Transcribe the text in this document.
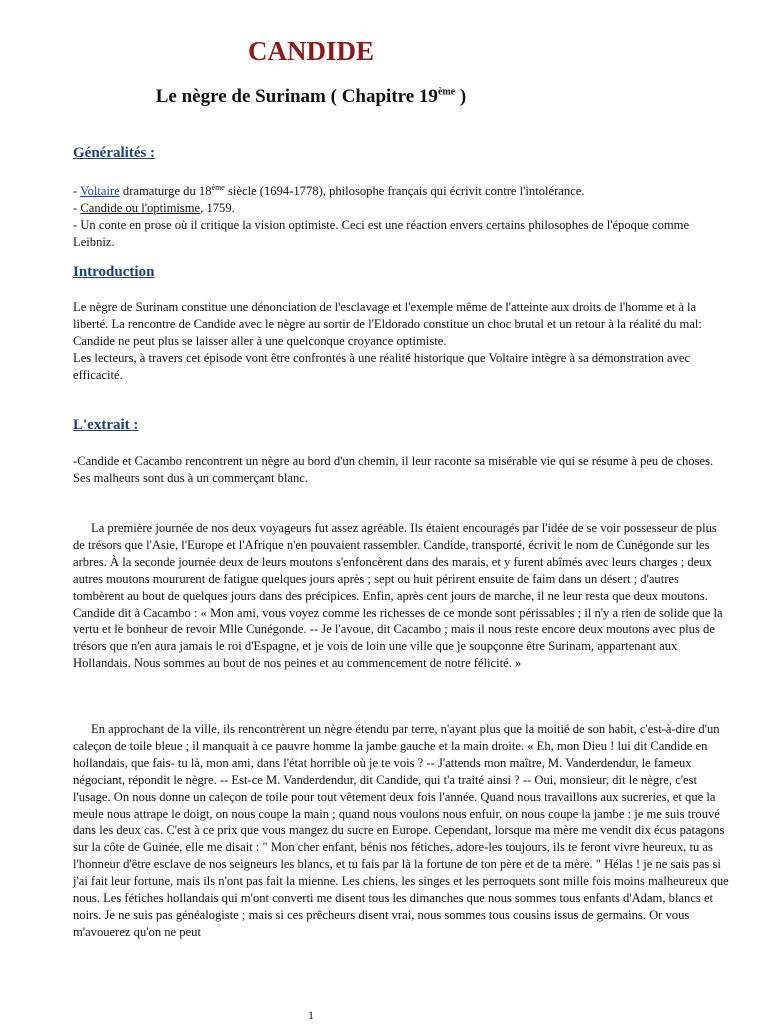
CANDIDE
Le nègre de Surinam ( Chapitre 19ème )
Généralités :

- Voltaire dramaturge du 18ème siècle (1694-1778), philosophe français qui écrivit contre l'intolérance.

- Candide ou l'optimisme, 1759.

- Un conte en prose où il critique la vision optimiste. Ceci est une réaction envers certains philosophes de l'époque comme Leibniz.

Introduction

Le nègre de Surinam constitue une dénonciation de l'esclavage et l'exemple même de l'atteinte aux droits de l'homme et à la liberté. La rencontre de Candide avec le nègre au sortir de l'Eldorado constitue un choc brutal et un retour à la réalité du mal: Candide ne peut plus se laisser aller à une quelconque croyance optimiste.

Les lecteurs, à travers cet épisode vont être confrontés à une réalité historique que Voltaire intègre à sa démonstration avec efficacité.

L'extrait :
-Candide et Cacambo rencontrent un nègre au bord d'un chemin, il leur raconte sa misérable vie qui se résume à peu de choses. Ses malheurs sont dus à un commerçant blanc.

La première journée de nos deux voyageurs fut assez agréable. Ils étaient encouragés par l'idée de se voir possesseur de plus de trésors que l'Asie, l'Europe et l'Afrique n'en pouvaient rassembler. Candide, transporté, écrivit le nom de Cunégonde sur les arbres. À la seconde journée deux de leurs moutons s'enfoncèrent dans des marais, et y furent abîmés avec leurs charges ; deux autres moutons moururent de fatigue quelques jours après ; sept ou huit périrent ensuite de faim dans un désert ; d'autres tombèrent au bout de quelques jours dans des précipices. Enfin, après cent jours de marche, il ne leur resta que deux moutons. Candide dit à Cacambo : « Mon ami, vous voyez comme les richesses de ce monde sont périssables ; il n'y a rien de solide que la vertu et le bonheur de revoir Mlle Cunégonde. -- Je l'avoue, dit Cacambo ; mais il nous reste encore deux moutons avec plus de trésors que n'en aura jamais le roi d'Espagne, et je vois de loin une ville que je soupçonne être Surinam, appartenant aux Hollandais. Nous sommes au bout de nos peines et au commencement de notre félicité. »

En approchant de la ville, ils rencontrèrent un nègre étendu par terre, n'ayant plus que la moitié de son habit, c'est-à-dire d'un caleçon de toile bleue ; il manquait à ce pauvre homme la jambe gauche et la main droite. « Eh, mon Dieu ! lui dit Candide en hollandais, que fais- tu là, mon ami, dans l'état horrible où je te vois ? -- J'attends mon maître, M. Vanderdendur, le fameux négociant, répondit le nègre. -- Est-ce M. Vanderdendur, dit Candide, qui t'a traité ainsi ? -- Oui, monsieur, dit le nègre, c'est l'usage. On nous donne un caleçon de toile pour tout vêtement deux fois l'année. Quand nous travaillons aux sucreries, et que la meule nous attrape le doigt, on nous coupe la main ; quand nous voulons nous enfuir, on nous coupe la jambe : je me suis trouvé dans les deux cas. C'est à ce prix que vous mangez du sucre en Europe. Cependant, lorsque ma mère me vendit dix écus patagons sur la côte de Guinée, elle me disait : " Mon cher enfant, bénis nos fétiches, adore-les toujours, ils te feront vivre heureux, tu as l'honneur d'être esclave de nos seigneurs les blancs, et tu fais par là la fortune de ton père et de ta mère. " Hélas ! je ne sais pas si j'ai fait leur fortune, mais ils n'ont pas fait la mienne. Les chiens, les singes et les perroquets sont mille fois moins malheureux que nous. Les fétiches hollandais qui m'ont converti me disent tous les dimanches que nous sommes tous enfants d'Adam, blancs et noirs. Je ne suis pas généalogiste ; mais si ces prêcheurs disent vrai, nous sommes tous cousins issus de germains. Or vous m'avouerez qu'on ne peut

1
